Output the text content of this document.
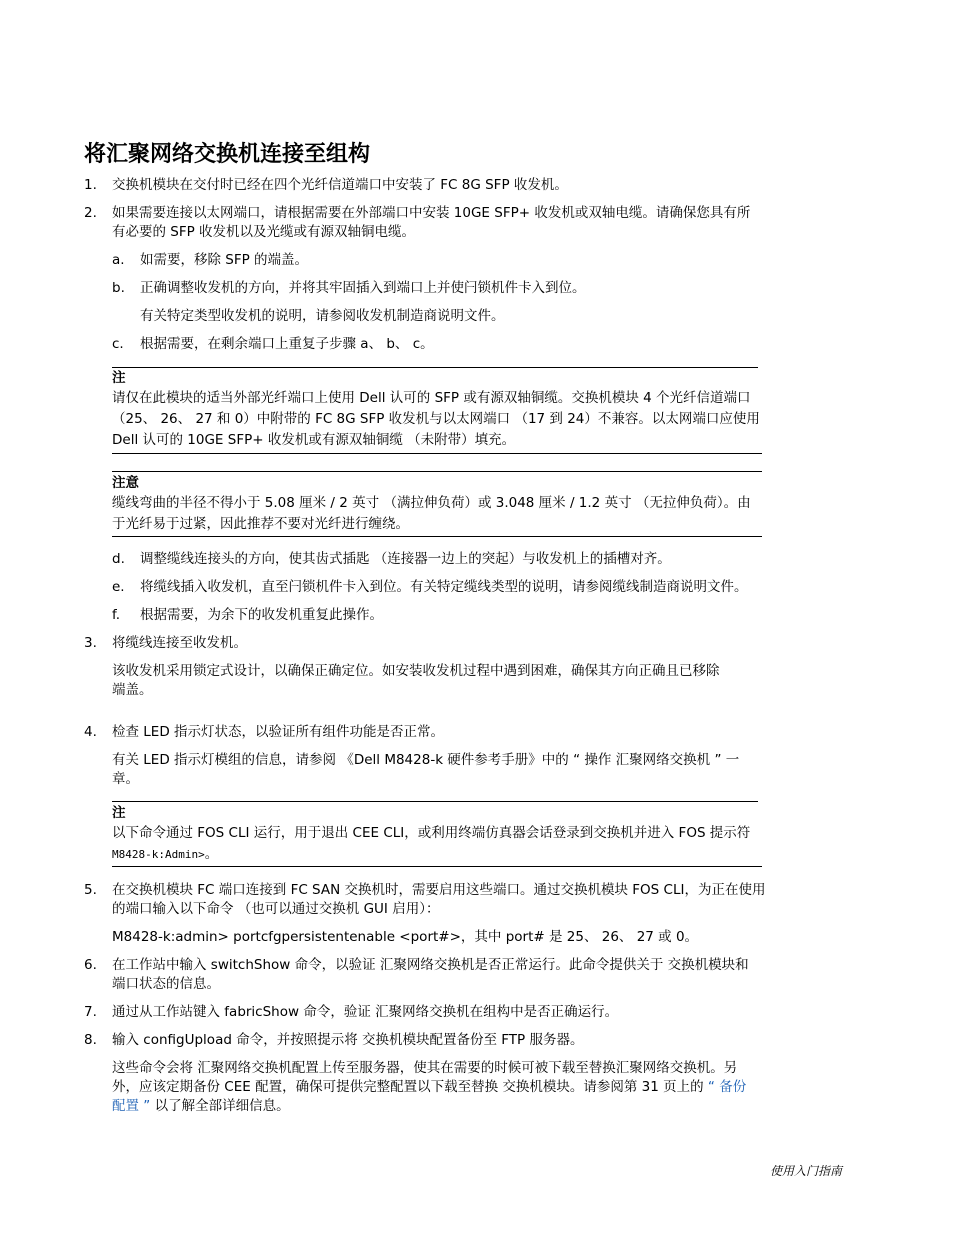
将汇聚网络交换机连接至组构
1.	交换机模块在交付时已经在四个光纤信道端口中安装了 FC 8G SFP 收发机。
2.	如果需要连接以太网端口，请根据需要在外部端口中安装 10GE SFP+ 收发机或双轴电缆。请确保您具有所
有必要的 SFP 收发机以及光缆或有源双轴铜电缆。
a. 如需要，移除 SFP 的端盖。
b. 正确调整收发机的方向，并将其牢固插入到端口上并使闩锁机件卡入到位。
有关特定类型收发机的说明，请参阅收发机制造商说明文件。
c. 根据需要，在剩余端口上重复子步骤 a、 b、 c。
注
请仅在此模块的适当外部光纤端口上使用 Dell 认可的 SFP 或有源双轴铜缆。交换机模块 4 个光纤信道端口
（25、 26、 27 和 0）中附带的 FC 8G SFP 收发机与以太网端口 （17 到 24）不兼容。以太网端口应使用
Dell 认可的 10GE SFP+ 收发机或有源双轴铜缆 （未附带）填充。
注意
缆线弯曲的半径不得小于 5.08 厘米 / 2 英寸 （满拉伸负荷）或 3.048 厘米 / 1.2 英寸 （无拉伸负荷）。由
于光纤易于过紧，因此推荐不要对光纤进行缠绕。
d. 调整缆线连接头的方向，使其齿式插匙 （连接器一边上的突起）与收发机上的插槽对齐。
e. 将缆线插入收发机，直至闩锁机件卡入到位。有关特定缆线类型的说明，请参阅缆线制造商说明文件。
f. 根据需要，为余下的收发机重复此操作。
3.	将缆线连接至收发机。
该收发机采用锁定式设计，以确保正确定位。如安装收发机过程中遇到困难，确保其方向正确且已移除
端盖。
4.	检查 LED 指示灯状态，以验证所有组件功能是否正常。
有关 LED 指示灯模组的信息，请参阅 《Dell M8428-k 硬件参考手册》中的 “ 操作 汇聚网络交换机 ” 一
章。
注
以下命令通过 FOS CLI 运行，用于退出 CEE CLI，或利用终端仿真器会话登录到交换机并进入 FOS 提示符
M8428-k:Admin>。
5.	在交换机模块 FC 端口连接到 FC SAN 交换机时，需要启用这些端口。通过交换机模块 FOS CLI，为正在使用
的端口输入以下命令 （也可以通过交换机 GUI 启用）：
M8428-k:admin> portcfgpersistentenable <port#>，其中 port# 是 25、 26、 27 或 0。
6.	在工作站中输入 switchShow 命令，以验证 汇聚网络交换机是否正常运行。此命令提供关于 交换机模块和
端口状态的信息。
7.	通过从工作站键入 fabricShow 命令，验证 汇聚网络交换机在组构中是否正确运行。
8.	输入 configUpload 命令，并按照提示将 交换机模块配置备份至 FTP 服务器。
这些命令会将 汇聚网络交换机配置上传至服务器，使其在需要的时候可被下载至替换汇聚网络交换机。另
外，应该定期备份 CEE 配置，确保可提供完整配置以下载至替换 交换机模块。请参阅第 31 页上的 “ 备份
配置 ” 以了解全部详细信息。
使用入门指南
